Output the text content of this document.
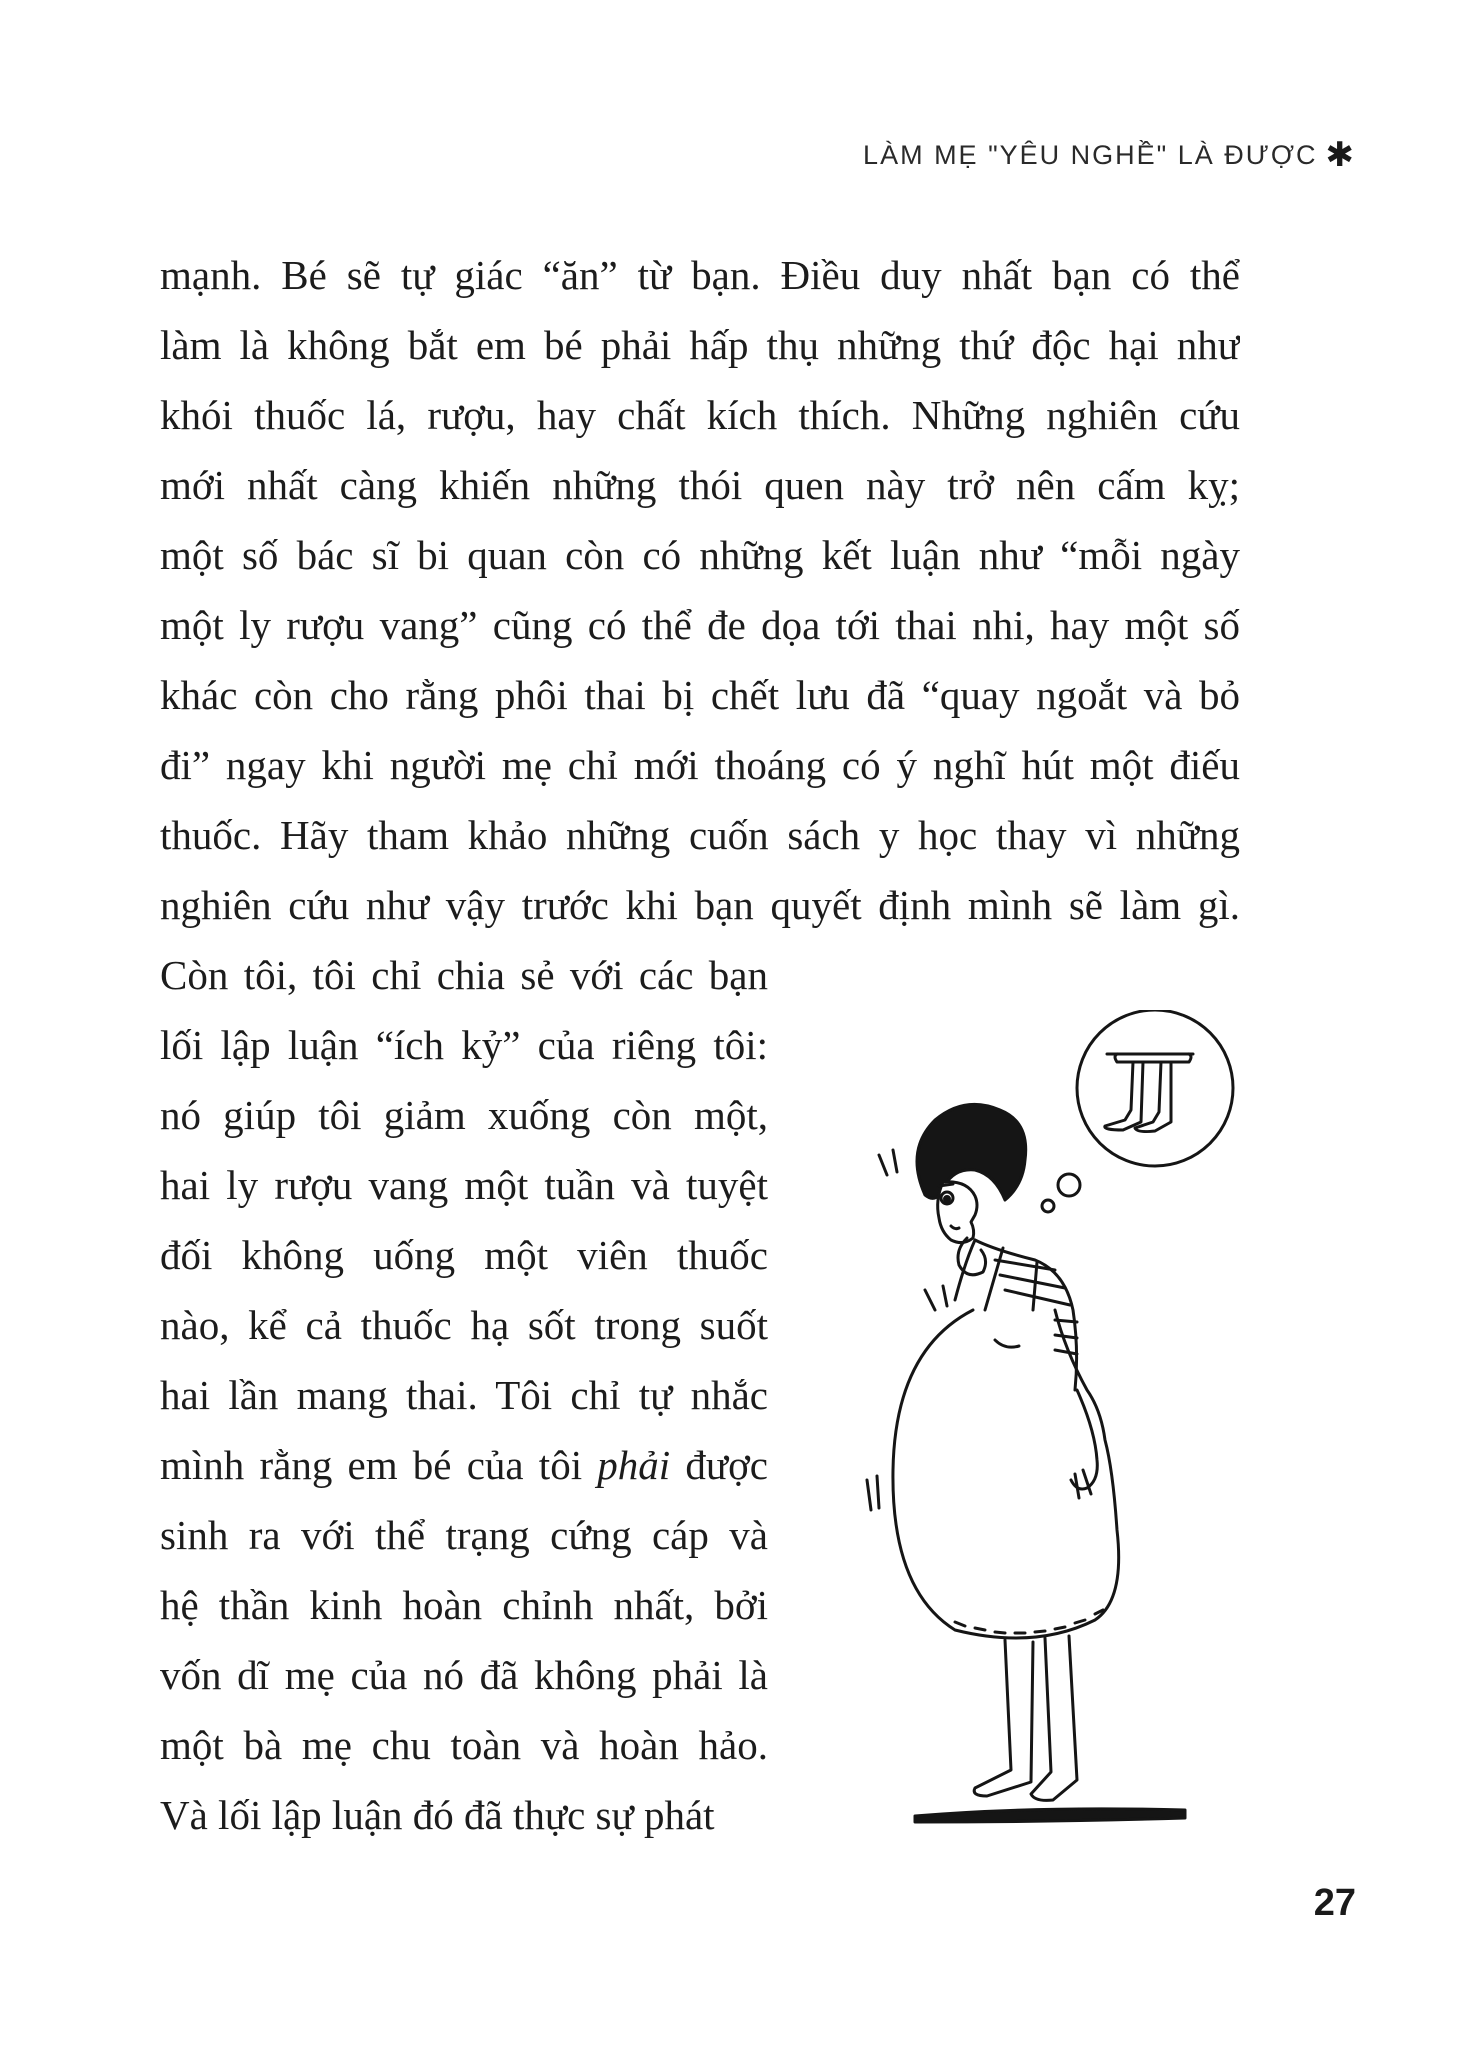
LÀM MẸ "YÊU NGHỀ" LÀ ĐƯỢC ✱
mạnh. Bé sẽ tự giác “ăn” từ bạn. Điều duy nhất bạn có thể
làm là không bắt em bé phải hấp thụ những thứ độc hại như
khói thuốc lá, rượu, hay chất kích thích. Những nghiên cứu
mới nhất càng khiến những thói quen này trở nên cấm kỵ;
một số bác sĩ bi quan còn có những kết luận như “mỗi ngày
một ly rượu vang” cũng có thể đe dọa tới thai nhi, hay một số
khác còn cho rằng phôi thai bị chết lưu đã “quay ngoắt và bỏ
đi” ngay khi người mẹ chỉ mới thoáng có ý nghĩ hút một điếu
thuốc. Hãy tham khảo những cuốn sách y học thay vì những
nghiên cứu như vậy trước khi bạn quyết định mình sẽ làm gì.
Còn tôi, tôi chỉ chia sẻ với các bạn
lối lập luận “ích kỷ” của riêng tôi:
nó giúp tôi giảm xuống còn một,
hai ly rượu vang một tuần và tuyệt
đối không uống một viên thuốc
nào, kể cả thuốc hạ sốt trong suốt
hai lần mang thai. Tôi chỉ tự nhắc
mình rằng em bé của tôi phải được
sinh ra với thể trạng cứng cáp và
hệ thần kinh hoàn chỉnh nhất, bởi
vốn dĩ mẹ của nó đã không phải là
một bà mẹ chu toàn và hoàn hảo.
Và lối lập luận đó đã thực sự phát
27
